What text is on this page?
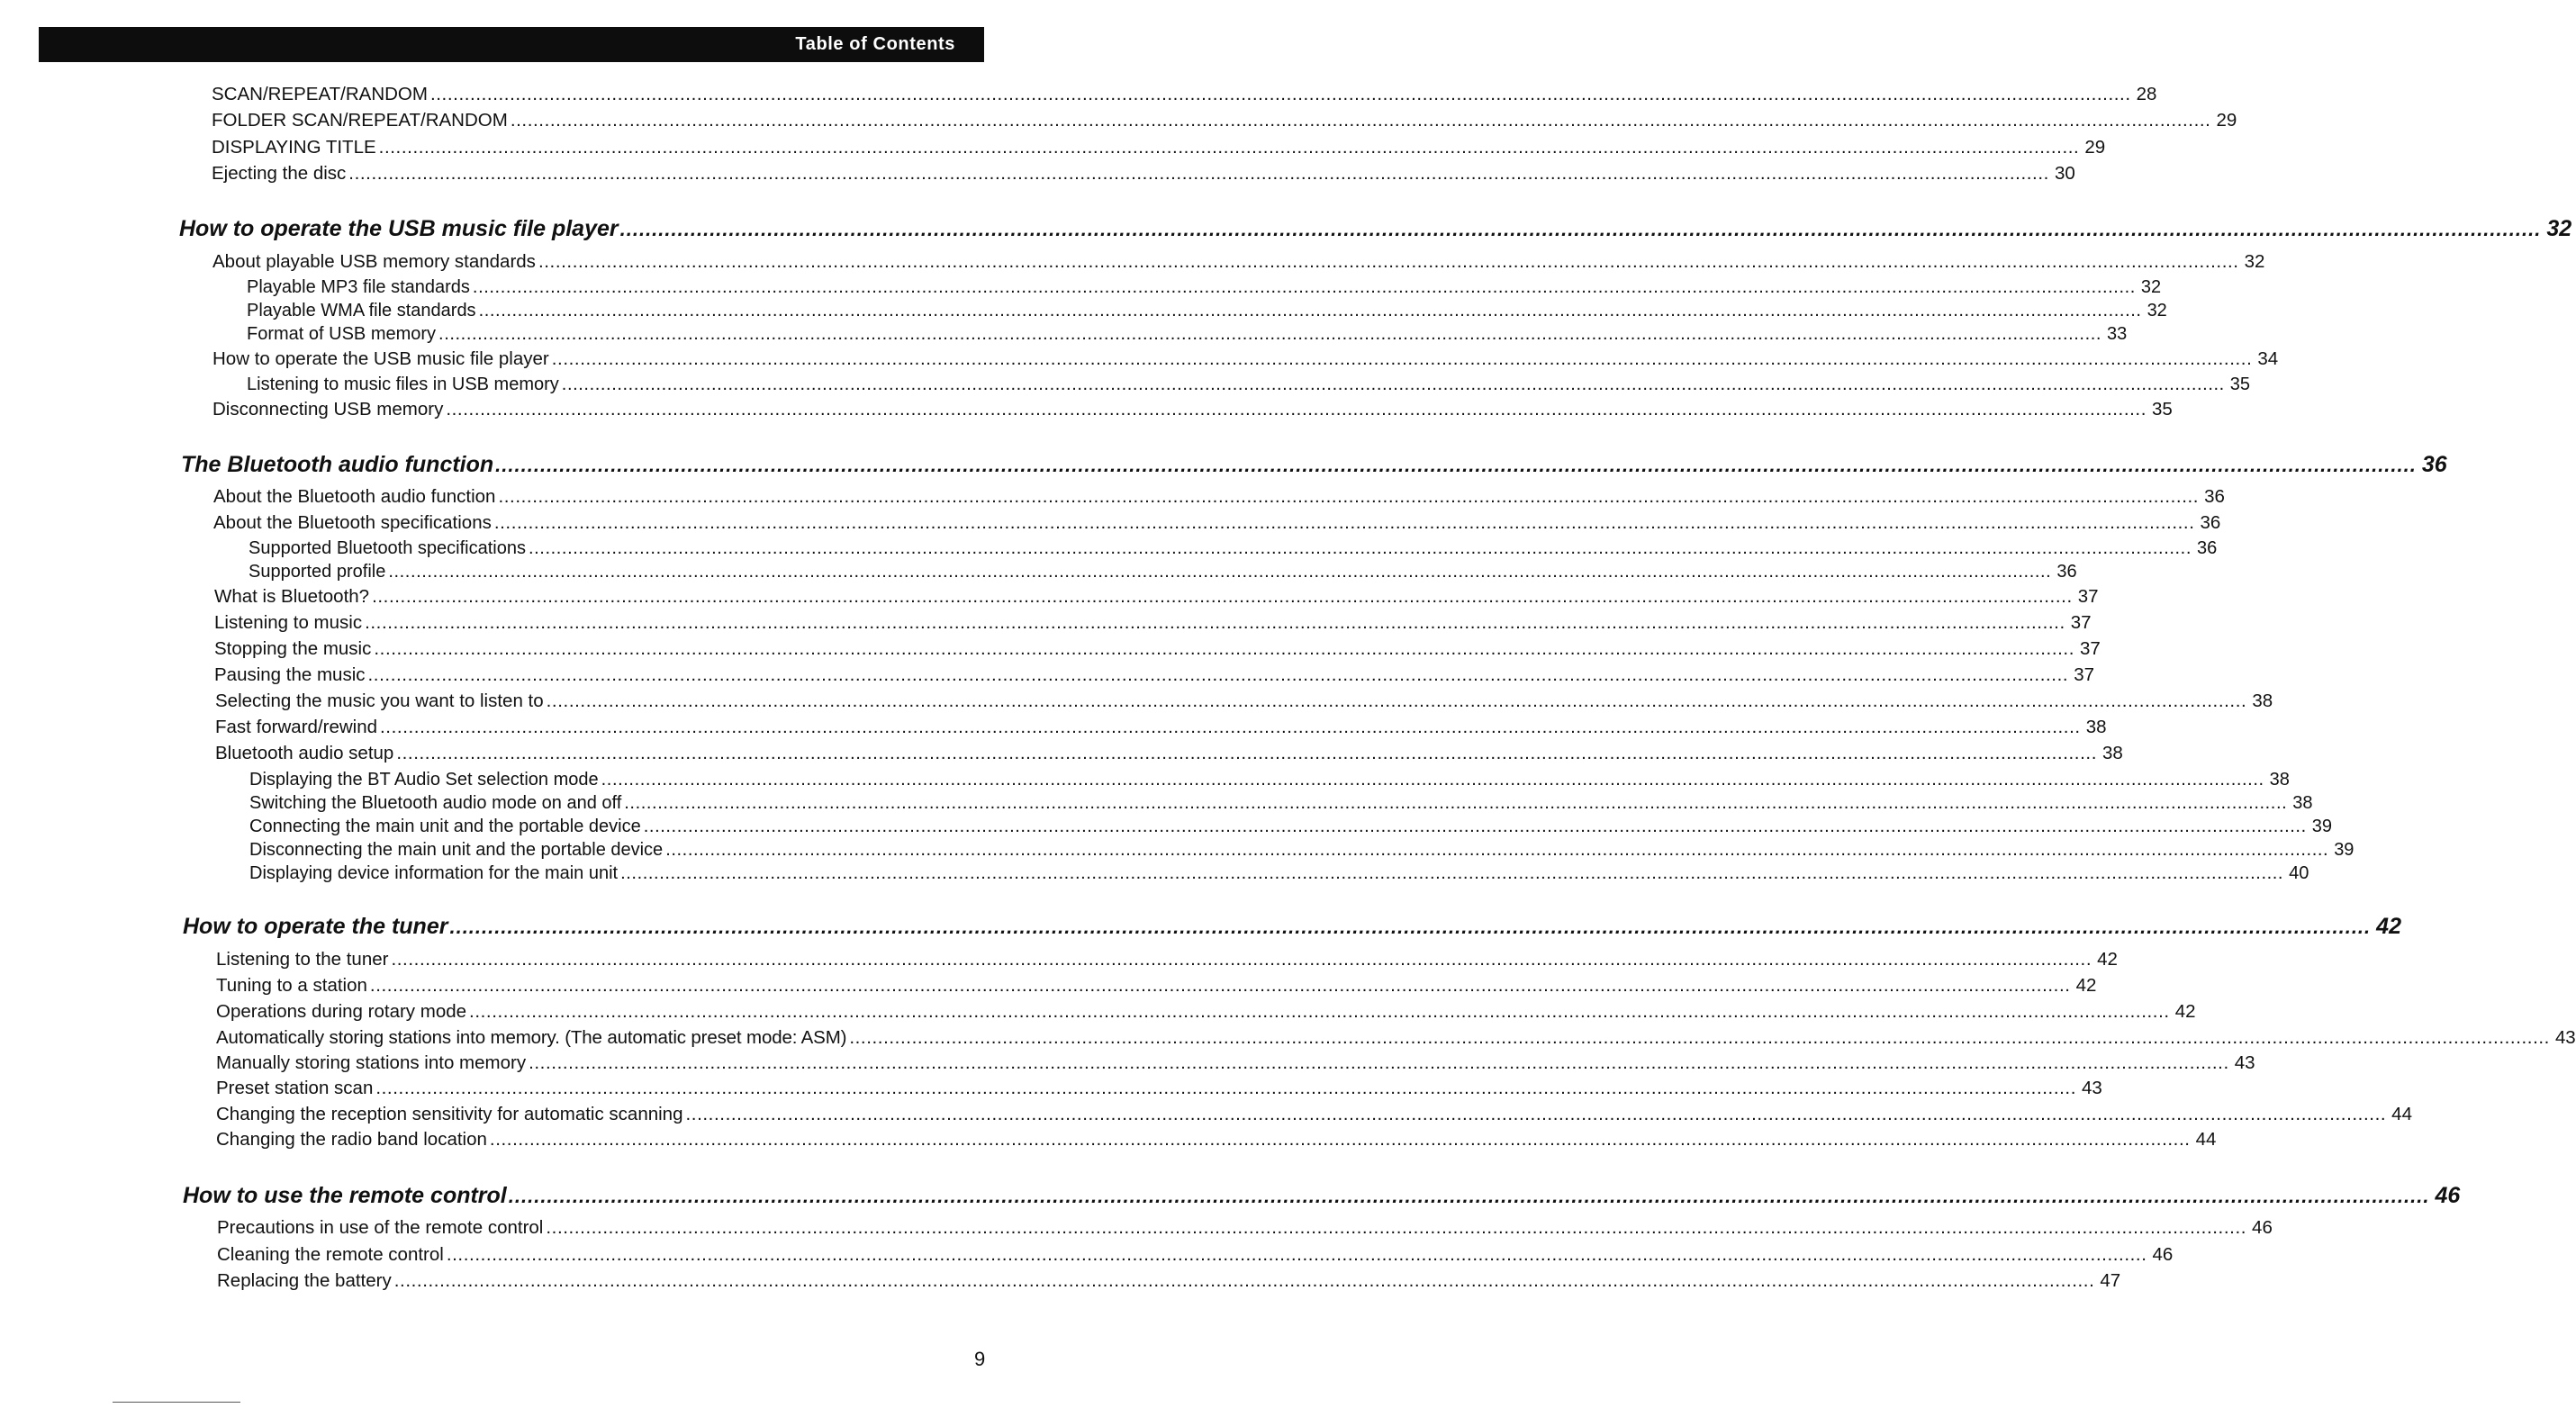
Table of Contents
SCAN/REPEAT/RANDOM ............................................................................................................................................................................................................................................................................................................ 28
FOLDER SCAN/REPEAT/RANDOM ............................................................................................................................................................................................................................................................................................................ 29
DISPLAYING TITLE ............................................................................................................................................................................................................................................................................................................ 29
Ejecting the disc ............................................................................................................................................................................................................................................................................................................ 30
How to operate the USB music file player ............................................................................................................................................................................................................................................................................................................ 32
About playable USB memory standards ............................................................................................................................................................................................................................................................................................................ 32
Playable MP3 file standards ............................................................................................................................................................................................................................................................................................................ 32
Playable WMA file standards ............................................................................................................................................................................................................................................................................................................ 32
Format of USB memory ............................................................................................................................................................................................................................................................................................................ 33
How to operate the USB music file player ............................................................................................................................................................................................................................................................................................................ 34
Listening to music files in USB memory ............................................................................................................................................................................................................................................................................................................ 35
Disconnecting USB memory ............................................................................................................................................................................................................................................................................................................ 35
The Bluetooth audio function ............................................................................................................................................................................................................................................................................................................ 36
About the Bluetooth audio function ............................................................................................................................................................................................................................................................................................................ 36
About the Bluetooth specifications ............................................................................................................................................................................................................................................................................................................ 36
Supported Bluetooth specifications ............................................................................................................................................................................................................................................................................................................ 36
Supported profile ............................................................................................................................................................................................................................................................................................................ 36
What is Bluetooth? ............................................................................................................................................................................................................................................................................................................ 37
Listening to music ............................................................................................................................................................................................................................................................................................................ 37
Stopping the music ............................................................................................................................................................................................................................................................................................................ 37
Pausing the music ............................................................................................................................................................................................................................................................................................................ 37
Selecting the music you want to listen to ............................................................................................................................................................................................................................................................................................................ 38
Fast forward/rewind ............................................................................................................................................................................................................................................................................................................ 38
Bluetooth audio setup ............................................................................................................................................................................................................................................................................................................ 38
Displaying the BT Audio Set selection mode ............................................................................................................................................................................................................................................................................................................ 38
Switching the Bluetooth audio mode on and off ............................................................................................................................................................................................................................................................................................................ 38
Connecting the main unit and the portable device ............................................................................................................................................................................................................................................................................................................ 39
Disconnecting the main unit and the portable device ............................................................................................................................................................................................................................................................................................................ 39
Displaying device information for the main unit ............................................................................................................................................................................................................................................................................................................ 40
How to operate the tuner ............................................................................................................................................................................................................................................................................................................ 42
Listening to the tuner ............................................................................................................................................................................................................................................................................................................ 42
Tuning to a station ............................................................................................................................................................................................................................................................................................................ 42
Operations during rotary mode ............................................................................................................................................................................................................................................................................................................ 42
Automatically storing stations into memory. (The automatic preset mode: ASM) ............................................................................................................................................................................................................................................................................................................ 43
Manually storing stations into memory ............................................................................................................................................................................................................................................................................................................ 43
Preset station scan ............................................................................................................................................................................................................................................................................................................ 43
Changing the reception sensitivity for automatic scanning ............................................................................................................................................................................................................................................................................................................ 44
Changing the radio band location ............................................................................................................................................................................................................................................................................................................ 44
How to use the remote control ............................................................................................................................................................................................................................................................................................................ 46
Precautions in use of the remote control ............................................................................................................................................................................................................................................................................................................ 46
Cleaning the remote control ............................................................................................................................................................................................................................................................................................................ 46
Replacing the battery ............................................................................................................................................................................................................................................................................................................ 47
9
